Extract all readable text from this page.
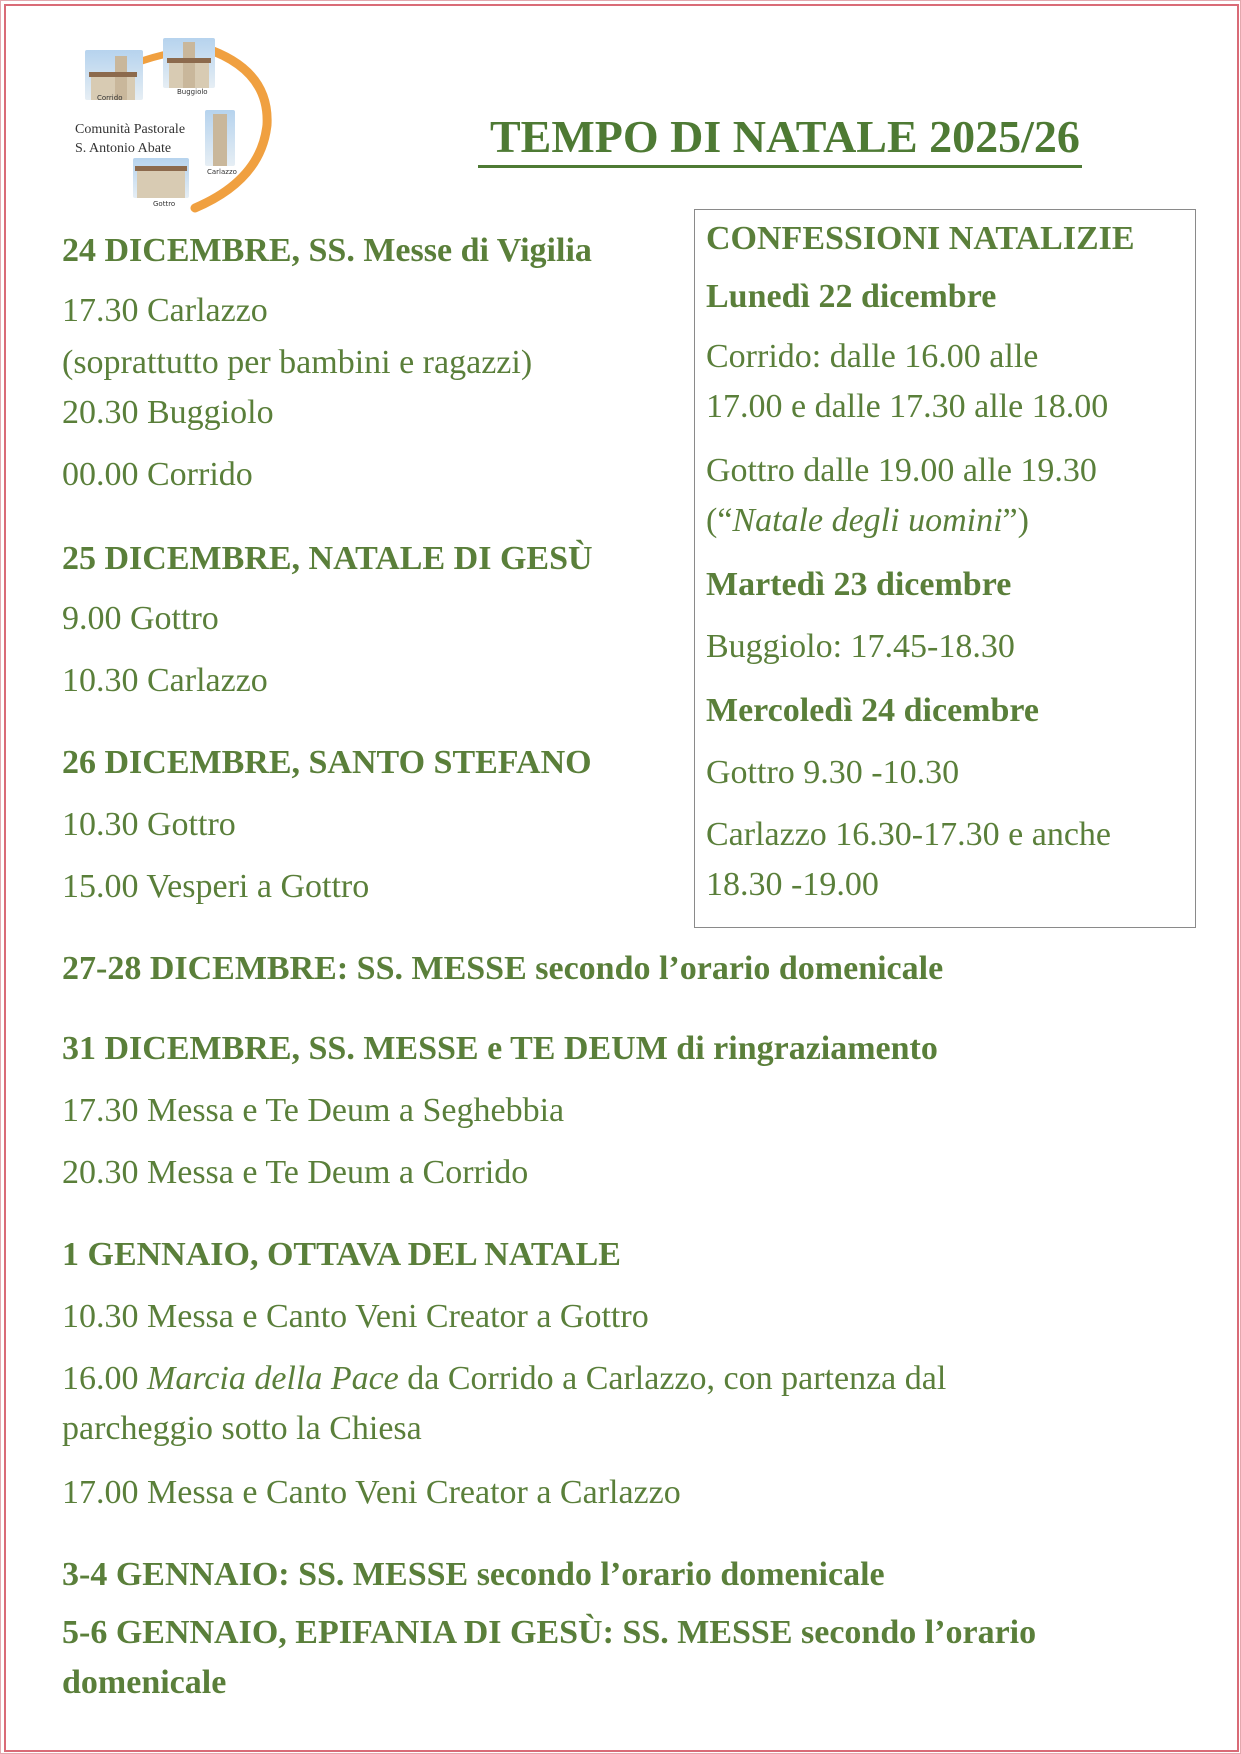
Corrido
Buggiolo
Carlazzo
Gottro
Comunità Pastorale
S. Antonio Abate	TEMPO DI NATALE 2025/26
CONFESSIONI NATALIZIE
Lunedì 22 dicembre
Corrido: dalle 16.00 alle
17.00 e dalle 17.30 alle 18.00
Gottro dalle 19.00 alle 19.30
(“Natale degli uomini”)
Martedì 23 dicembre
Buggiolo: 17.45-18.30
Mercoledì 24 dicembre
Gottro 9.30 -10.30
Carlazzo 16.30-17.30 e anche
18.30 -19.00
24 DICEMBRE, SS. Messe di Vigilia
17.30 Carlazzo
(soprattutto per bambini e ragazzi)
20.30 Buggiolo
00.00 Corrido
25 DICEMBRE, NATALE DI GESÙ
9.00 Gottro
10.30 Carlazzo
26 DICEMBRE, SANTO STEFANO
10.30 Gottro
15.00 Vesperi a Gottro
27-28 DICEMBRE: SS. MESSE secondo l’orario domenicale
31 DICEMBRE, SS. MESSE e TE DEUM di ringraziamento
17.30 Messa e Te Deum a Seghebbia
20.30 Messa e Te Deum a Corrido
1 GENNAIO, OTTAVA DEL NATALE
10.30 Messa e Canto Veni Creator a Gottro
16.00 Marcia della Pace da Corrido a Carlazzo, con partenza dal
parcheggio sotto la Chiesa
17.00 Messa e Canto Veni Creator a Carlazzo
3-4 GENNAIO: SS. MESSE secondo l’orario domenicale
5-6 GENNAIO, EPIFANIA DI GESÙ: SS. MESSE secondo l’orario
domenicale
